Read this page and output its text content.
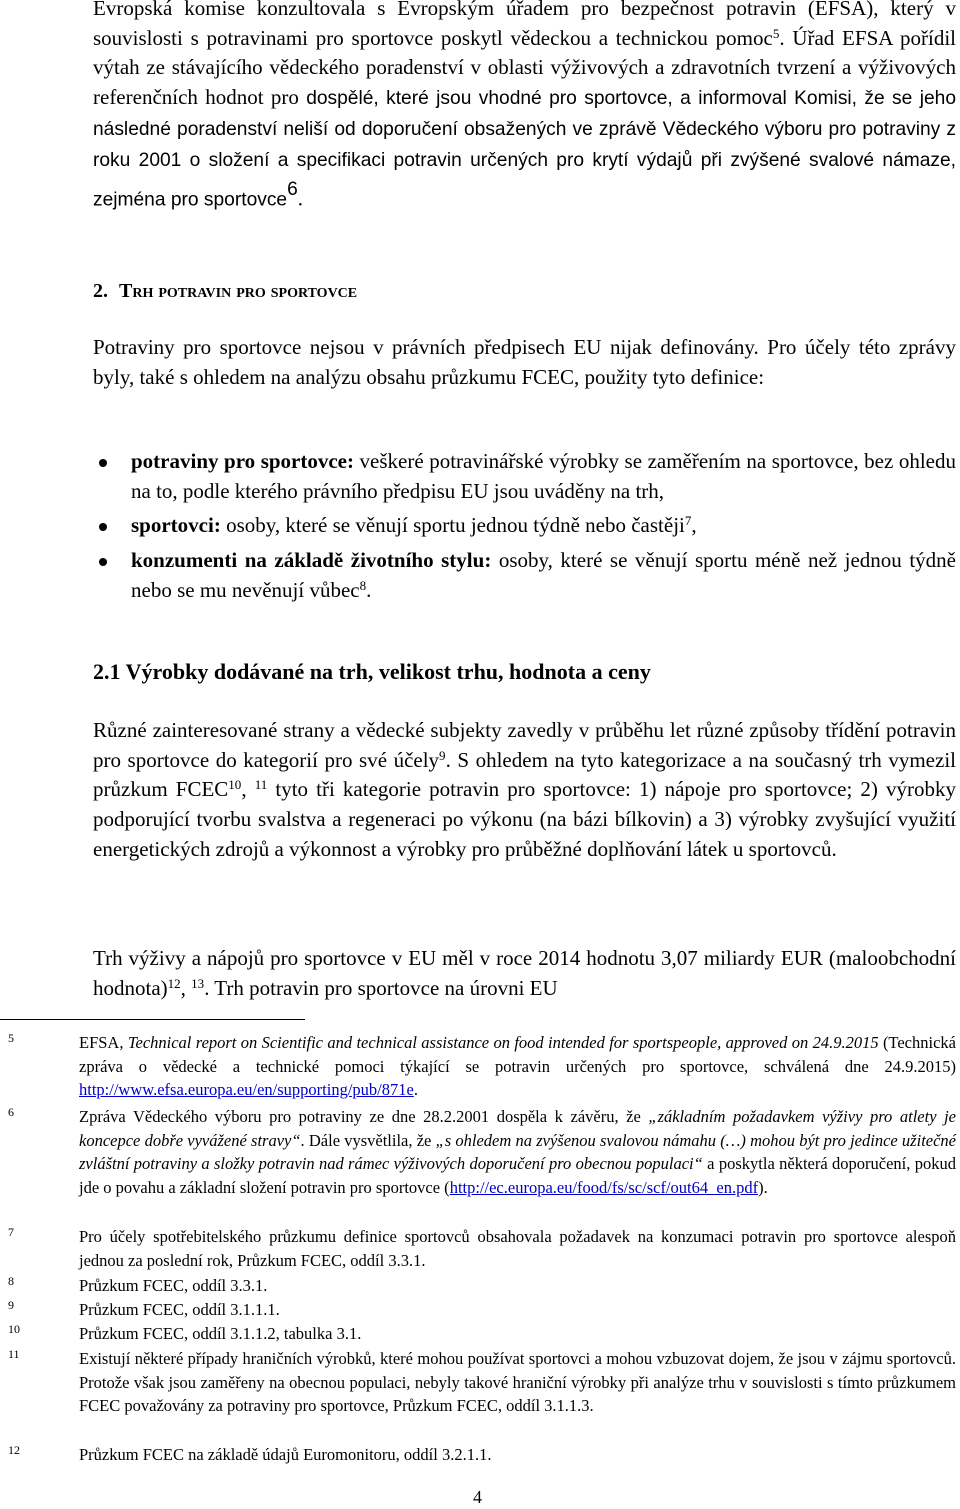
Evropská komise konzultovala s Evropským úřadem pro bezpečnost potravin (EFSA), který v souvislosti s potravinami pro sportovce poskytl vědeckou a technickou pomoc$^5$. Úřad EFSA pořídil výtah ze stávajícího vědeckého poradenství v oblasti výživových a zdravotních tvrzení a výživových referenčních hodnot pro dospělé, které jsou vhodné pro sportovce, a informoval Komisi, že se jeho následné poradenství neliší od doporučení obsažených ve zprávě Vědeckého výboru pro potraviny z roku 2001 o složení a specifikaci potravin určených pro krytí výdajů při zvýšené svalové námaze, zejména pro sportovce$^6$.
2. Trh potravin pro sportovce
Potraviny pro sportovce nejsou v právních předpisech EU nijak definovány. Pro účely této zprávy byly, také s ohledem na analýzu obsahu průzkumu FCEC, použity tyto definice:
potraviny pro sportovce: veškeré potravinářské výrobky se zaměřením na sportovce, bez ohledu na to, podle kterého právního předpisu EU jsou uváděny na trh,
sportovci: osoby, které se věnují sportu jednou týdně nebo častěji$^7$,
konzumenti na základě životního stylu: osoby, které se věnují sportu méně než jednou týdně nebo se mu nevěnují vůbec$^8$.
2.1 Výrobky dodávané na trh, velikost trhu, hodnota a ceny
Různé zainteresované strany a vědecké subjekty zavedly v průběhu let různé způsoby třídění potravin pro sportovce do kategorií pro své účely$^9$. S ohledem na tyto kategorizace a na současný trh vymezil průzkum FCEC$^{10}$, $^{11}$ tyto tři kategorie potravin pro sportovce: 1) nápoje pro sportovce; 2) výrobky podporující tvorbu svalstva a regeneraci po výkonu (na bázi bílkovin) a 3) výrobky zvyšující využití energetických zdrojů a výkonnost a výrobky pro průběžné doplňování látek u sportovců.
Trh výživy a nápojů pro sportovce v EU měl v roce 2014 hodnotu 3,07 miliardy EUR (maloobchodní hodnota)$^{12}$, $^{13}$. Trh potravin pro sportovce na úrovni EU
5	EFSA, Technical report on Scientific and technical assistance on food intended for sportspeople, approved on 24.9.2015 (Technická zpráva o vědecké a technické pomoci týkající se potravin určených pro sportovce, schválená dne 24.9.2015) http://www.efsa.europa.eu/en/supporting/pub/871e.
6	Zpráva Vědeckého výboru pro potraviny ze dne 28.2.2001 dospěla k závěru, že „základním požadavkem výživy pro atlety je koncepce dobře vyvážené stravy“. Dále vysvětlila, že „s ohledem na zvýšenou svalovou námahu (…) mohou být pro jedince užitečné zvláštní potraviny a složky potravin nad rámec výživových doporučení pro obecnou populaci“ a poskytla některá doporučení, pokud jde o povahu a základní složení potravin pro sportovce (http://ec.europa.eu/food/fs/sc/scf/out64_en.pdf).
7	Pro účely spotřebitelského průzkumu definice sportovců obsahovala požadavek na konzumaci potravin pro sportovce alespoň jednou za poslední rok, Průzkum FCEC, oddíl 3.3.1.
8	Průzkum FCEC, oddíl 3.3.1.
9	Průzkum FCEC, oddíl 3.1.1.1.
10	Průzkum FCEC, oddíl 3.1.1.2, tabulka 3.1.
11	Existují některé případy hraničních výrobků, které mohou používat sportovci a mohou vzbuzovat dojem, že jsou v zájmu sportovců. Protože však jsou zaměřeny na obecnou populaci, nebyly takové hraniční výrobky při analýze trhu v souvislosti s tímto průzkumem FCEC považovány za potraviny pro sportovce, Průzkum FCEC, oddíl 3.1.1.3.
12	Průzkum FCEC na základě údajů Euromonitoru, oddíl 3.2.1.1.
4
